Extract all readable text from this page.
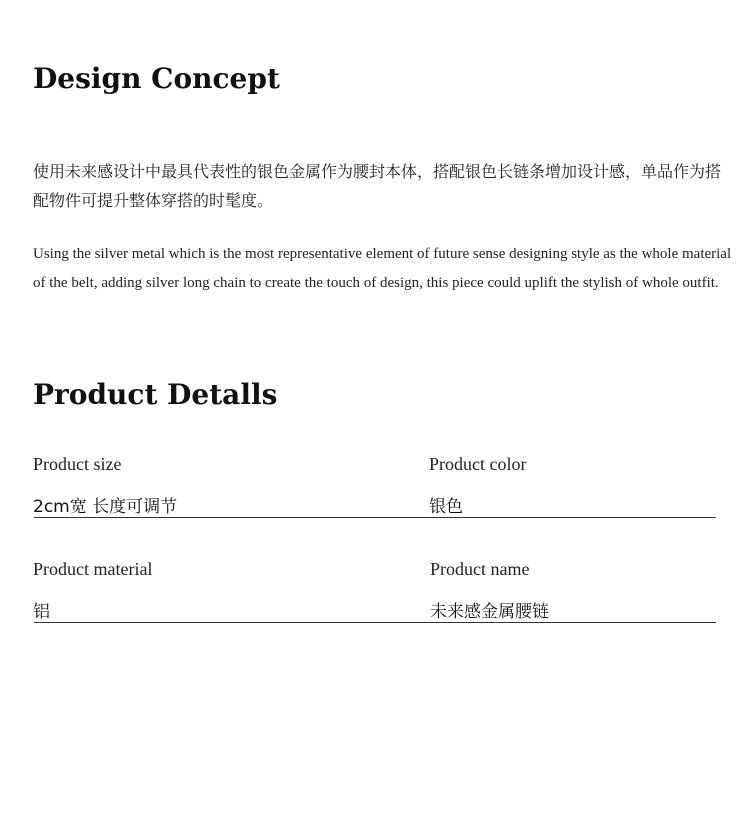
Design Concept

使用未来感设计中最具代表性的银色金属作为腰封本体，搭配银色长链条增加设计感，单品作为搭配物件可提升整体穿搭的时髦度。

Using the silver metal which is the most representative element of future sense designing style as the whole material of the belt, adding silver long chain to create the touch of design, this piece could uplift the stylish of whole outfit.

Product Detalls
Product size
2cm宽 长度可调节
Product color
银色
Product material
铝
Product name
未来感金属腰链
